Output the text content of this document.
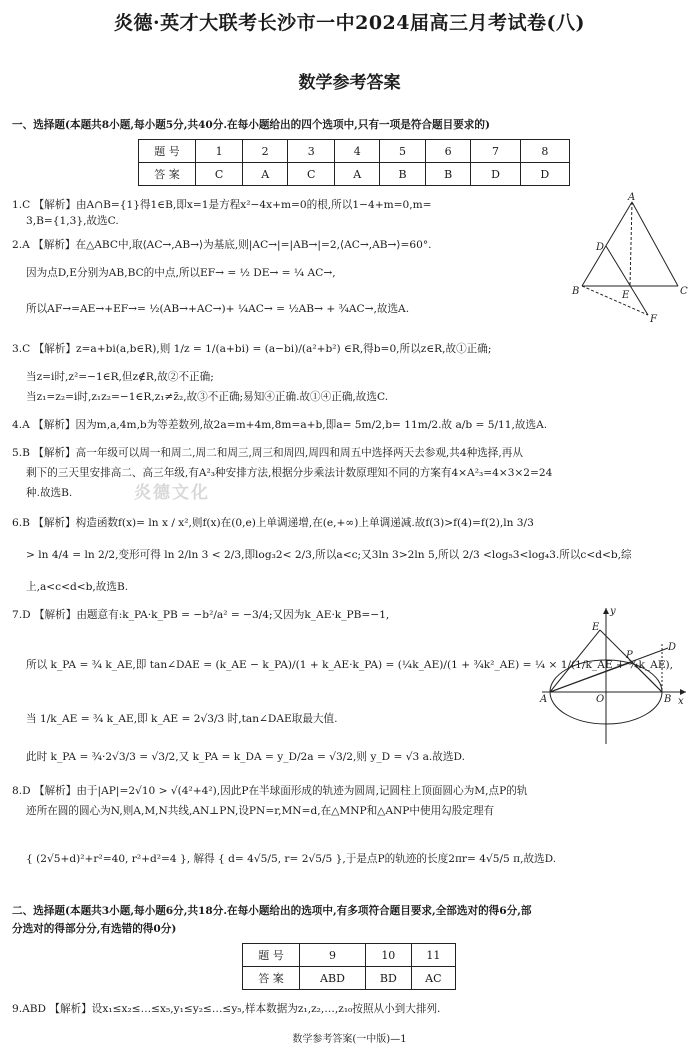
炎德·英才大联考长沙市一中2024届高三月考试卷(八)
数学参考答案
一、选择题(本题共8小题,每小题5分,共40分.在每小题给出的四个选项中,只有一项是符合题目要求的)
题 号	1	2	3	4	5	6	7	8
答 案	C	A	C	A	B	B	D	D
1.C 【解析】由A∩B={1}得1∈B,即x=1是方程x²−4x+m=0的根,所以1−4+m=0,m=
3,B={1,3},故选C.
2.A 【解析】在△ABC中,取⟨AC→,AB→⟩为基底,则|AC→|=|AB→|=2,⟨AC→,AB→⟩=60°.
因为点D,E分别为AB,BC的中点,所以EF→ = ½ DE→ = ¼ AC→,
所以AF→=AE→+EF→= ½(AB→+AC→)+ ¼AC→ = ½AB→ + ¾AC→,故选A.
A
D
B	C
E
F
3.C 【解析】z=a+bi(a,b∈R),则 1/z = 1/(a+bi) = (a−bi)/(a²+b²) ∈R,得b=0,所以z∈R,故①正确;
当z=i时,z²=−1∈R,但z∉R,故②不正确;
当z₁=z₂=i时,z₁z₂=−1∈R,z₁≠z̄₂,故③不正确;易知④正确.故①④正确,故选C.
4.A 【解析】因为m,a,4m,b为等差数列,故2a=m+4m,8m=a+b,即a= 5m/2,b= 11m/2.故 a/b = 5/11,故选A.
5.B 【解析】高一年级可以周一和周二,周二和周三,周三和周四,周四和周五中选择两天去参观,共4种选择,再从
剩下的三天里安排高二、高三年级,有A²₃种安排方法,根据分步乘法计数原理知不同的方案有4×A²₃=4×3×2=24
种.故选B.	炎德文化
6.B 【解析】构造函数f(x)= ln x / x²,则f(x)在(0,e)上单调递增,在(e,+∞)上单调递减.故f(3)>f(4)=f(2),ln 3/3
> ln 4/4 = ln 2/2,变形可得 ln 2/ln 3 < 2/3,即log₃2< 2/3,所以a<c;又3ln 3>2ln 5,所以 2/3 <log₅3<log₄3.所以c<d<b,综
上,a<c<d<b,故选B.
7.D 【解析】由题意有:k_PA·k_PB = −b²/a² = −3/4;又因为k_AE·k_PB=−1,
所以 k_PA = ¾ k_AE,即 tan∠DAE = (k_AE − k_PA)/(1 + k_AE·k_PA) = (¼k_AE)/(1 + ¾k²_AE) = ¼ × 1/(1/k_AE + ¾k_AE),
当 1/k_AE = ¾ k_AE,即 k_AE = 2√3/3 时,tan∠DAE取最大值.
此时 k_PA = ¾·2√3/3 = √3/2,又 k_PA = k_DA = y_D/2a = √3/2,则 y_D = √3 a.故选D.
y
x
A	B
O
P
E
D
8.D 【解析】由于|AP|=2√10 > √(4²+4²),因此P在半球面形成的轨迹为圆周,记圆柱上顶面圆心为M,点P的轨
迹所在圆的圆心为N,则A,M,N共线,AN⊥PN,设PN=r,MN=d,在△MNP和△ANP中使用勾股定理有
{ (2√5+d)²+r²=40, r²+d²=4 }, 解得 { d= 4√5/5, r= 2√5/5 },于是点P的轨迹的长度2πr= 4√5/5 π,故选D.
二、选择题(本题共3小题,每小题6分,共18分.在每小题给出的选项中,有多项符合题目要求,全部选对的得6分,部
分选对的得部分分,有选错的得0分)
题 号	9	10	11
答 案	ABD	BD	AC
9.ABD 【解析】设x₁≤x₂≤…≤x₅,y₁≤y₂≤…≤y₅,样本数据为z₁,z₂,…,z₁₀按照从小到大排列.
数学参考答案(一中版)—1
